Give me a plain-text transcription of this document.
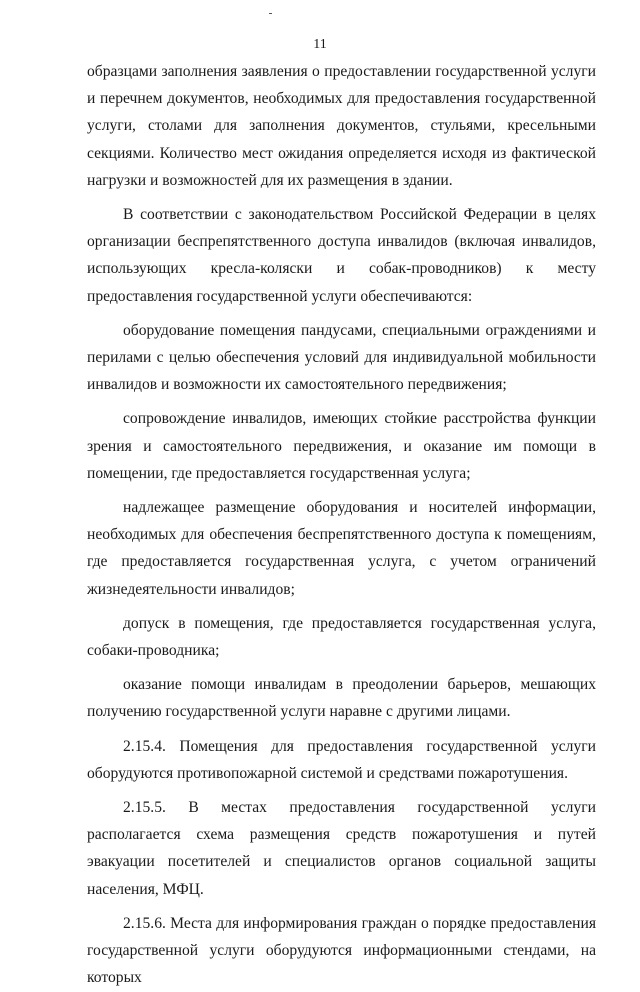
11

образцами заполнения заявления о предоставлении государственной услуги и перечнем документов, необходимых для предоставления государственной услуги, столами для заполнения документов, стульями, кресельными секциями. Количество мест ожидания определяется исходя из фактической нагрузки и возможностей для их размещения в здании.

В соответствии с законодательством Российской Федерации в целях организации беспрепятственного доступа инвалидов (включая инвалидов, использующих кресла-коляски и собак-проводников) к месту предоставления государственной услуги обеспечиваются:

оборудование помещения пандусами, специальными ограждениями и перилами с целью обеспечения условий для индивидуальной мобильности инвалидов и возможности их самостоятельного передвижения;

сопровождение инвалидов, имеющих стойкие расстройства функции зрения и самостоятельного передвижения, и оказание им помощи в помещении, где предоставляется государственная услуга;

надлежащее размещение оборудования и носителей информации, необходимых для обеспечения беспрепятственного доступа к помещениям, где предоставляется государственная услуга, с учетом ограничений жизнедеятельности инвалидов;

допуск в помещения, где предоставляется государственная услуга, собаки-проводника;

оказание помощи инвалидам в преодолении барьеров, мешающих получению государственной услуги наравне с другими лицами.

2.15.4. Помещения для предоставления государственной услуги оборудуются противопожарной системой и средствами пожаротушения.

2.15.5. В местах предоставления государственной услуги располагается схема размещения средств пожаротушения и путей эвакуации посетителей и специалистов органов социальной защиты населения, МФЦ.

2.15.6. Места для информирования граждан о порядке предоставления государственной услуги оборудуются информационными стендами, на которых
